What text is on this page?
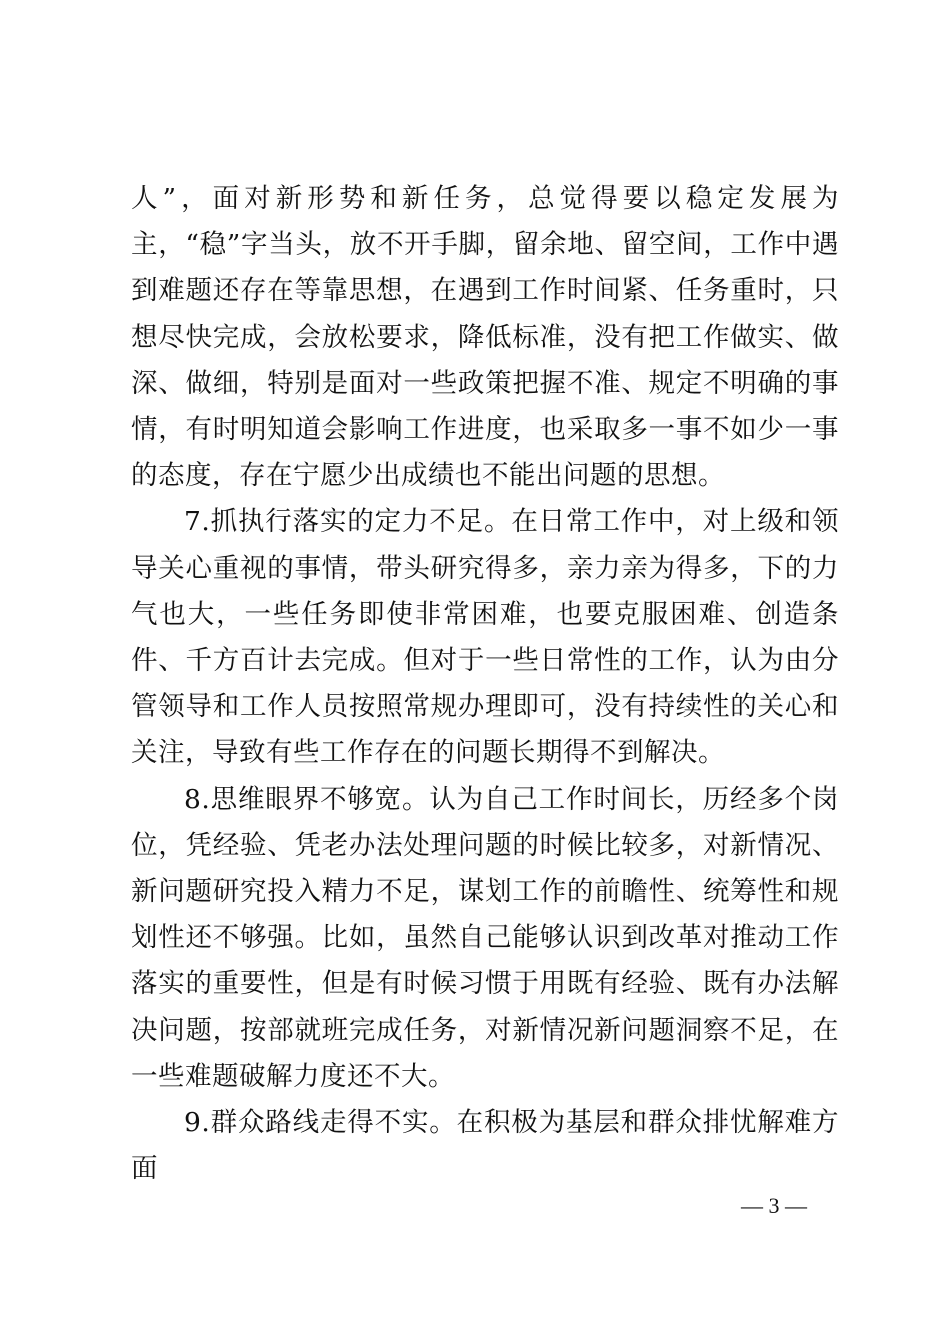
人”，面对新形势和新任务，总觉得要以稳定发展为主，“稳”字当头，放不开手脚，留余地、留空间，工作中遇到难题还存在等靠思想，在遇到工作时间紧、任务重时，只想尽快完成，会放松要求，降低标准，没有把工作做实、做深、做细，特别是面对一些政策把握不准、规定不明确的事情，有时明知道会影响工作进度，也采取多一事不如少一事的态度，存在宁愿少出成绩也不能出问题的思想。

7.抓执行落实的定力不足。在日常工作中，对上级和领导关心重视的事情，带头研究得多，亲力亲为得多，下的力气也大，一些任务即使非常困难，也要克服困难、创造条件、千方百计去完成。但对于一些日常性的工作，认为由分管领导和工作人员按照常规办理即可，没有持续性的关心和关注，导致有些工作存在的问题长期得不到解决。

8.思维眼界不够宽。认为自己工作时间长，历经多个岗位，凭经验、凭老办法处理问题的时候比较多，对新情况、新问题研究投入精力不足，谋划工作的前瞻性、统筹性和规划性还不够强。比如，虽然自己能够认识到改革对推动工作落实的重要性，但是有时候习惯于用既有经验、既有办法解决问题，按部就班完成任务，对新情况新问题洞察不足，在一些难题破解力度还不大。

9.群众路线走得不实。在积极为基层和群众排忧解难方面

— 3 —
